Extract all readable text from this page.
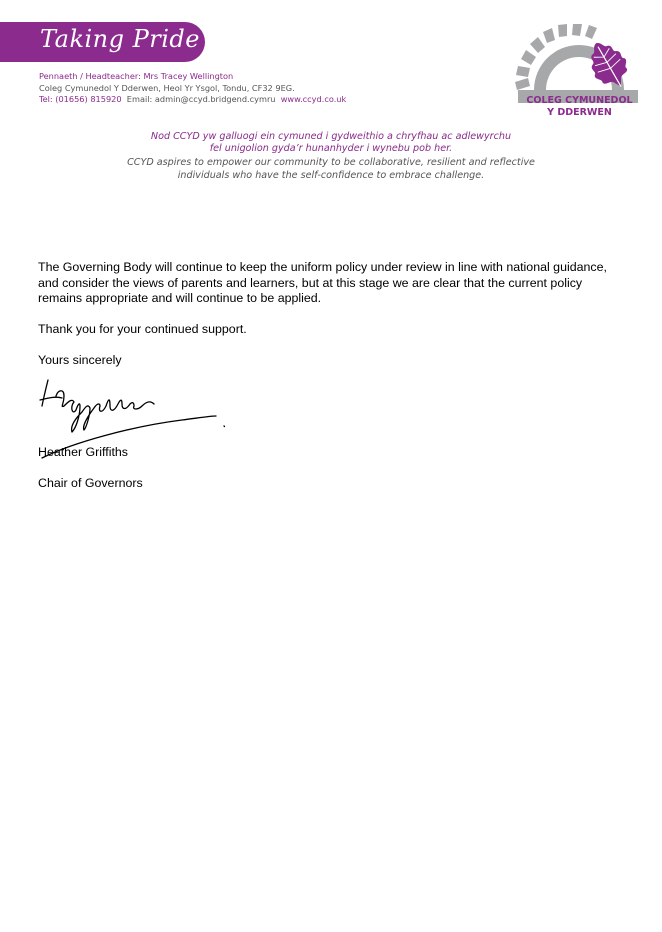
Taking Pride
Pennaeth / Headteacher: Mrs Tracey Wellington
Coleg Cymunedol Y Dderwen, Heol Yr Ysgol, Tondu, CF32 9EG.
Tel: (01656) 815920 Email: admin@ccyd.bridgend.cymru www.ccyd.co.uk	COLEG CYMUNEDOL
Y DDERWEN
Nod CCYD yw galluogi ein cymuned i gydweithio a chryfhau ac adlewyrchu
fel unigolion gyda’r hunanhyder i wynebu pob her.
CCYD aspires to empower our community to be collaborative, resilient and reflective
individuals who have the self-confidence to embrace challenge.

The Governing Body will continue to keep the uniform policy under review in line with national guidance, and consider the views of parents and learners, but at this stage we are clear that the current policy remains appropriate and will continue to be applied.

Thank you for your continued support.

Yours sincerely

Heather Griffiths

Chair of Governors
